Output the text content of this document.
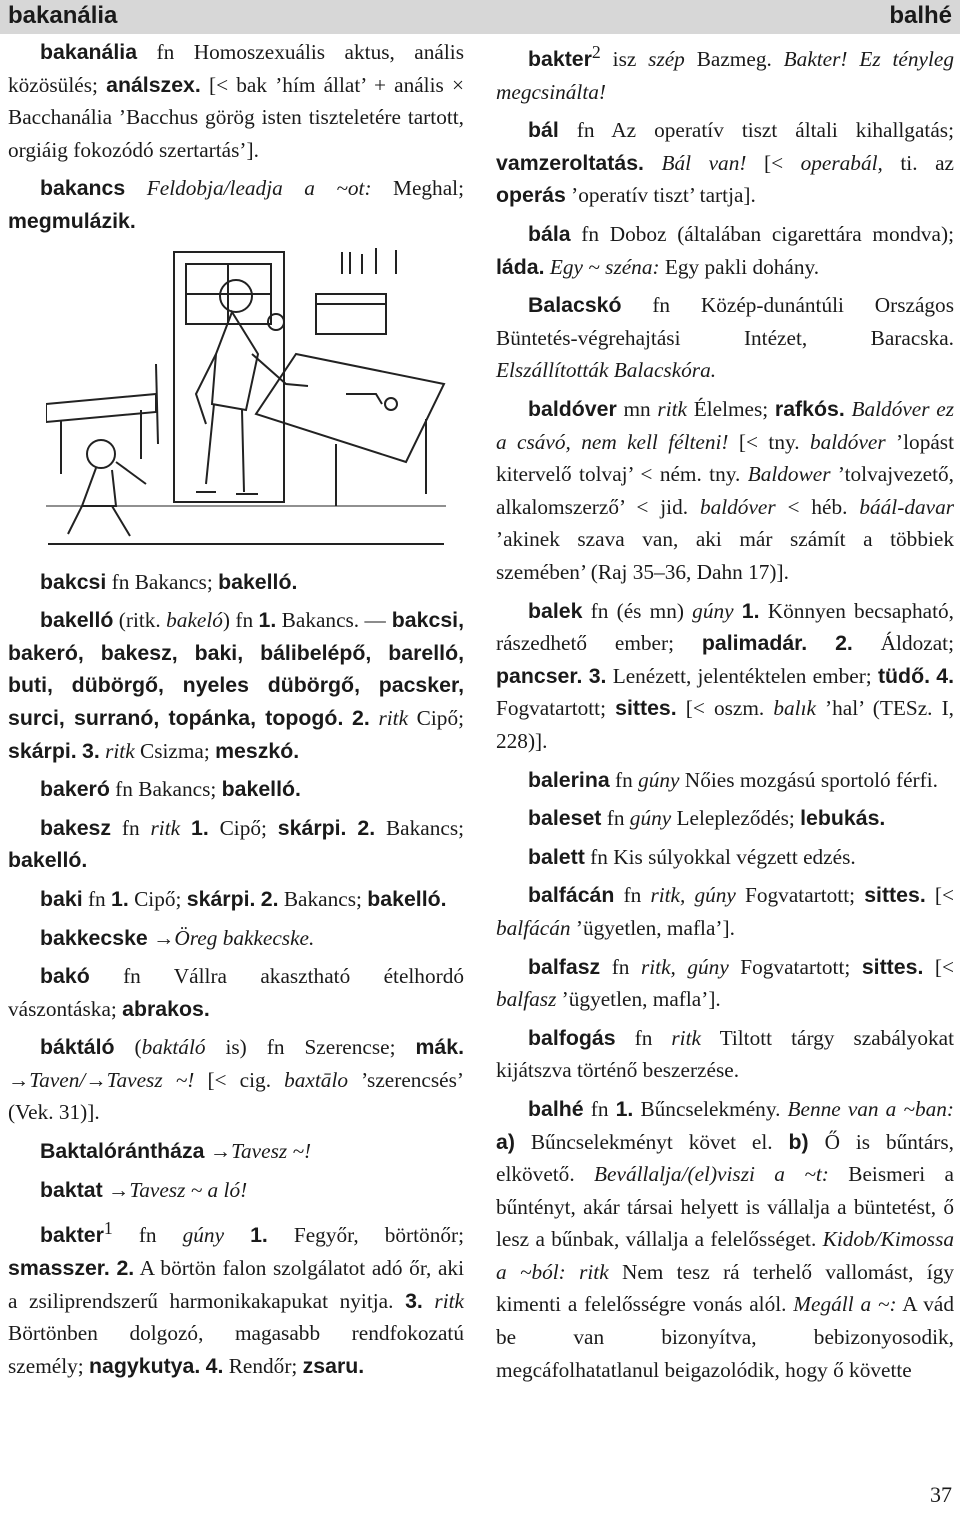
bakanália	balhé

bakanália fn Homoszexuális aktus, anális közösülés; análszex. [< bak ’hím állat’ + anális × Bacchanália ’Bacchus görög isten tiszteletére tartott, orgiáig fokozódó szertartás’].

bakancs Feldobja/leadja a ~ot: Meghal; megmulázik.

bakcsi fn Bakancs; bakelló.

bakelló (ritk. bakeló) fn 1. Bakancs. — bakcsi, bakeró, bakesz, baki, bálibelépő, barelló, buti, dübörgő, nyeles dübörgő, pacsker, surci, surranó, topánka, topogó. 2. ritk Cipő; skárpi. 3. ritk Csizma; meszkó.

bakeró fn Bakancs; bakelló.

bakesz fn ritk 1. Cipő; skárpi. 2. Bakancs; bakelló.

baki fn 1. Cipő; skárpi. 2. Bakancs; bakelló.

bakkecske →Öreg bakkecske.

bakó fn Vállra akasztható ételhordó vászontáska; abrakos.

báktáló (baktáló is) fn Szerencse; mák. →Taven/→Tavesz ~! [< cig. baxtālo ’szerencsés’ (Vek. 31)].

Baktalórántháza →Tavesz ~!

baktat →Tavesz ~ a ló!

bakter$^1$ fn gúny 1. Fegyőr, börtönőr; smasszer. 2. A börtön falon szolgálatot adó őr, aki a zsiliprendszerű harmonikakapukat nyitja. 3. ritk Börtönben dolgozó, magasabb rendfokozatú személy; nagykutya. 4. Rendőr; zsaru.

bakter$^2$ isz szép Bazmeg. Bakter! Ez tényleg megcsinálta!

bál fn Az operatív tiszt általi kihallgatás; vamzeroltatás. Bál van! [< operabál, ti. az operás ’operatív tiszt’ tartja].

bála fn Doboz (általában cigarettára mondva); láda. Egy ~ széna: Egy pakli dohány.

Balacskó fn Közép-dunántúli Országos Büntetés-végrehajtási Intézet, Baracska. Elszállították Balacskóra.

baldóver mn ritk Élelmes; rafkós. Baldóver ez a csávó, nem kell félteni! [< tny. baldóver ’lopást kitervelő tolvaj’ < ném. tny. Baldower ’tolvajvezető, alkalomszerző’ < jid. baldóver < héb. báál-davar ’akinek szava van, aki már számít a többiek szemében’ (Raj 35–36, Dahn 17)].

balek fn (és mn) gúny 1. Könnyen becsapható, rászedhető ember; palimadár. 2. Áldozat; pancser. 3. Lenézett, jelentéktelen ember; tüdő. 4. Fogvatartott; sittes. [< oszm. balık ’hal’ (TESz. I, 228)].

balerina fn gúny Nőies mozgású sportoló férfi.

baleset fn gúny Lelepleződés; lebukás.

balett fn Kis súlyokkal végzett edzés.

balfácán fn ritk, gúny Fogvatartott; sittes. [< balfácán ’ügyetlen, mafla’].

balfasz fn ritk, gúny Fogvatartott; sittes. [< balfasz ’ügyetlen, mafla’].

balfogás fn ritk Tiltott tárgy szabályokat kijátszva történő beszerzése.

balhé fn 1. Bűncselekmény. Benne van a ~ban: a) Bűncselekményt követ el. b) Ő is bűntárs, elkövető. Bevállalja/(el)viszi a ~t: Beismeri a bűntényt, akár társai helyett is vállalja a büntetést, ő lesz a bűnbak, vállalja a felelősséget. Kidob/Kimossa a ~ból: ritk Nem tesz rá terhelő vallomást, így kimenti a felelősségre vonás alól. Megáll a ~: A vád be van bizonyítva, bebizonyosodik, megcáfolhatatlanul beigazolódik, hogy ő követte

37
